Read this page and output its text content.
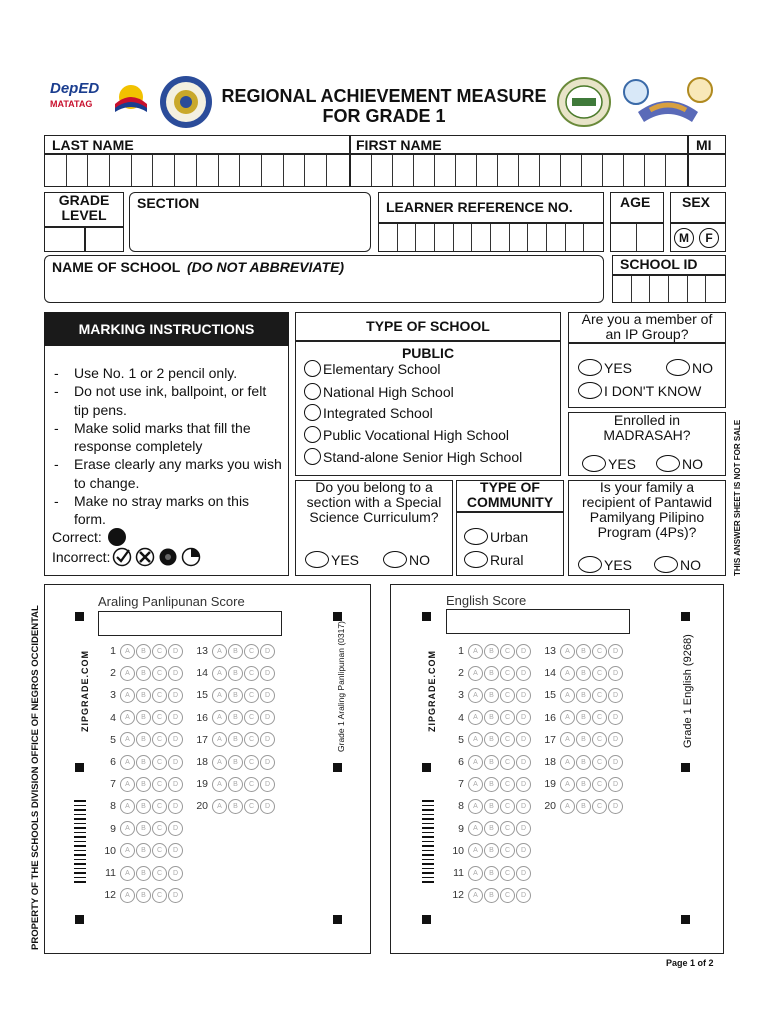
DepED
MATATAG	REGIONAL ACHIEVEMENT MEASURE
FOR GRADE 1
LAST NAME	FIRST NAME	MI
GRADE LEVEL
SECTION	LEARNER REFERENCE NO.	AGE SEX
M F
NAME OF SCHOOL (DO NOT ABBREVIATE)	SCHOOL ID
MARKING INSTRUCTIONS
-	Use No. 1 or 2 pencil only.
-	Do not use ink, ballpoint, or felt tip pens.
-	Make solid marks that fill the response completely
-	Erase clearly any marks you wish to change.
-	Make no stray marks on this form.
Correct:
Incorrect:
TYPE OF SCHOOL
PUBLIC
Elementary School
National High School
Integrated School
Public Vocational High School
Stand-alone Senior High School
Are you a member of an IP Group?
YES	NO
I DON'T KNOW
Enrolled in MADRASAH?
YES	NO
Do you belong to a section with a Special Science Curriculum?
YES	NO
TYPE OF COMMUNITY
Urban
Rural
Is your family a recipient of Pantawid Pamilyang Pilipino Program (4Ps)?
YES	NO	THIS ANSWER SHEET IS NOT FOR SALE
PROPERTY OF THE SCHOOLS DIVISION OFFICE OF NEGROS OCCIDENTAL
Araling Panlipunan Score
ZIPGRADE.COM	Grade 1 Araling Panlipunan (0317)
1	A	B	C	D
2	A	B	C	D
3	A	B	C	D
4	A	B	C	D
5	A	B	C	D
6	A	B	C	D
7	A	B	C	D
8	A	B	C	D
9	A	B	C	D
10	A	B	C	D
11	A	B	C	D
12	A	B	C	D
13	A	B	C	D
14	A	B	C	D
15	A	B	C	D
16	A	B	C	D
17	A	B	C	D
18	A	B	C	D
19	A	B	C	D
20	A	B	C	D
English Score
ZIPGRADE.COM	Grade 1 English (9268)
1	A	B	C	D
2	A	B	C	D
3	A	B	C	D
4	A	B	C	D
5	A	B	C	D
6	A	B	C	D
7	A	B	C	D
8	A	B	C	D
9	A	B	C	D
10	A	B	C	D
11	A	B	C	D
12	A	B	C	D
13	A	B	C	D
14	A	B	C	D
15	A	B	C	D
16	A	B	C	D
17	A	B	C	D
18	A	B	C	D
19	A	B	C	D
20	A	B	C	D
Page 1 of 2
